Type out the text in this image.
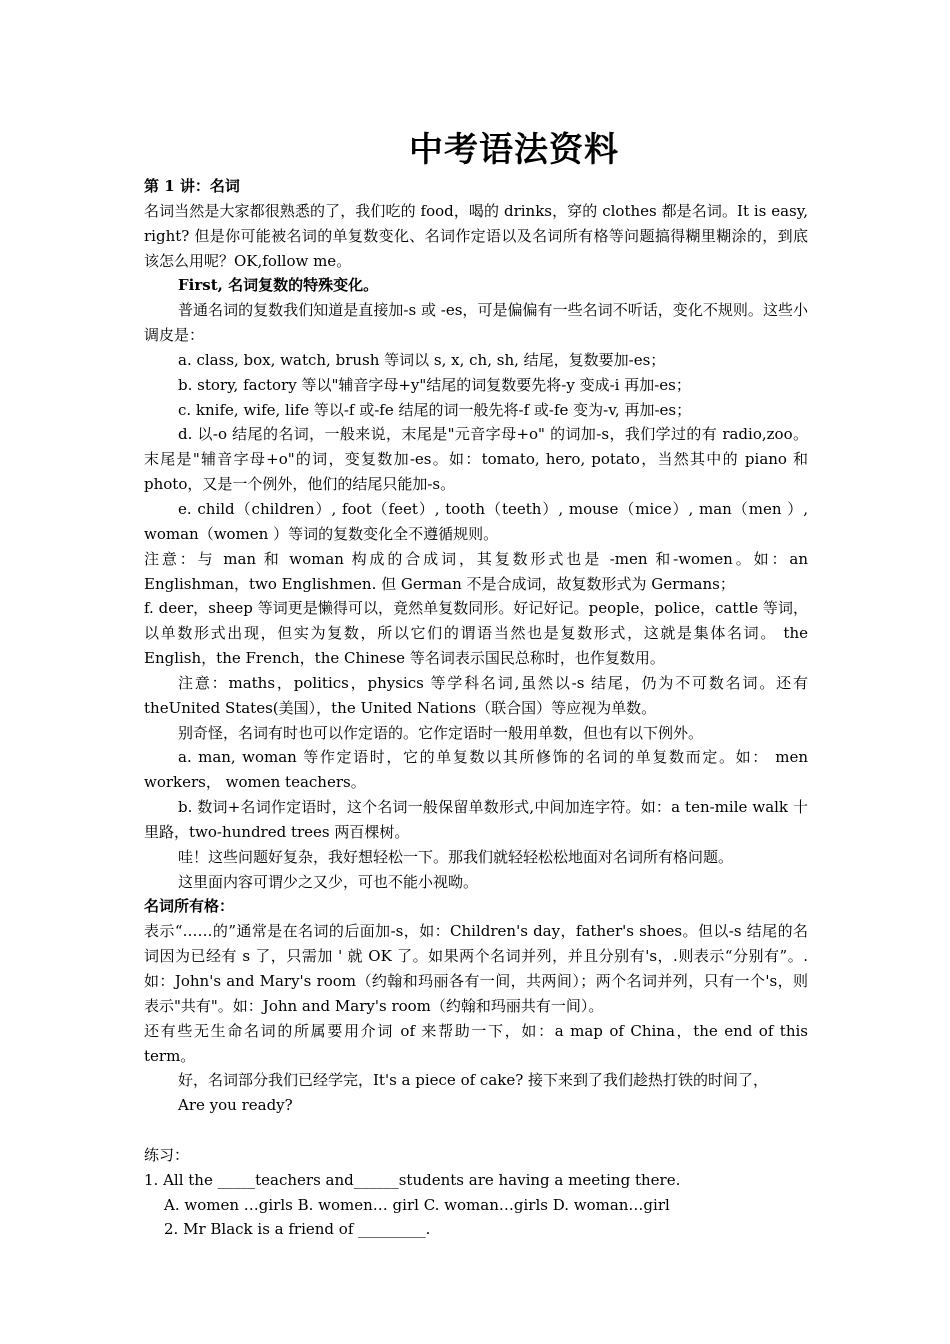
中考语法资料

第 1 讲：名词

名词当然是大家都很熟悉的了，我们吃的 food，喝的 drinks，穿的 clothes 都是名词。It is easy, right? 但是你可能被名词的单复数变化、名词作定语以及名词所有格等问题搞得糊里糊涂的，到底该怎么用呢？OK,follow me。

First, 名词复数的特殊变化。

普通名词的复数我们知道是直接加-s 或 -es，可是偏偏有一些名词不听话，变化不规则。这些小调皮是：

a. class, box, watch, brush 等词以 s, x, ch, sh, 结尾，复数要加-es；

b. story, factory 等以"辅音字母+y"结尾的词复数要先将-y 变成-i 再加-es；

c. knife, wife, life 等以-f 或-fe 结尾的词一般先将-f 或-fe 变为-v, 再加-es；

d. 以-o 结尾的名词，一般来说，末尾是"元音字母+o" 的词加-s，我们学过的有 radio,zoo。末尾是"辅音字母+o"的词，变复数加-es。如：tomato, hero, potato，当然其中的 piano 和 photo，又是一个例外，他们的结尾只能加-s。

e. child（children）, foot（feet）, tooth（teeth）, mouse（mice）, man（men ）, woman（women ）等词的复数变化全不遵循规则。

注意：与 man 和 woman 构成的合成词，其复数形式也是 -men 和-women。如：an Englishman，two Englishmen. 但 German 不是合成词，故复数形式为 Germans；

f. deer，sheep 等词更是懒得可以，竟然单复数同形。好记好记。people，police，cattle 等词，以单数形式出现，但实为复数，所以它们的谓语当然也是复数形式，这就是集体名词。 the English，the French，the Chinese 等名词表示国民总称时，也作复数用。

注意：maths，politics，physics 等学科名词,虽然以-s 结尾，仍为不可数名词。还有 theUnited States(美国），the United Nations（联合国）等应视为单数。

别奇怪，名词有时也可以作定语的。它作定语时一般用单数，但也有以下例外。

a. man, woman 等作定语时，它的单复数以其所修饰的名词的单复数而定。如： men workers， women teachers。

b. 数词+名词作定语时，这个名词一般保留单数形式,中间加连字符。如：a ten-mile walk 十里路，two-hundred trees 两百棵树。

哇！这些问题好复杂，我好想轻松一下。那我们就轻轻松松地面对名词所有格问题。

这里面内容可谓少之又少，可也不能小视呦。

名词所有格：

表示“……的”通常是在名词的后面加-s，如：Children's day，father's shoes。但以-s 结尾的名词因为已经有 s 了，只需加 ' 就 OK 了。如果两个名词并列，并且分别有's，.则表示“分别有”。.如：John's and Mary's room（约翰和玛丽各有一间，共两间）；两个名词并列，只有一个's，则表示"共有"。如：John and Mary's room（约翰和玛丽共有一间）。

还有些无生命名词的所属要用介词 of 来帮助一下，如：a map of China，the end of this term。

好，名词部分我们已经学完，It's a piece of cake? 接下来到了我们趁热打铁的时间了，

Are you ready?

练习：

1. All the _____teachers and______students are having a meeting there.

A. women …girls B. women… girl C. woman…girls D. woman…girl

2. Mr Black is a friend of _________.
